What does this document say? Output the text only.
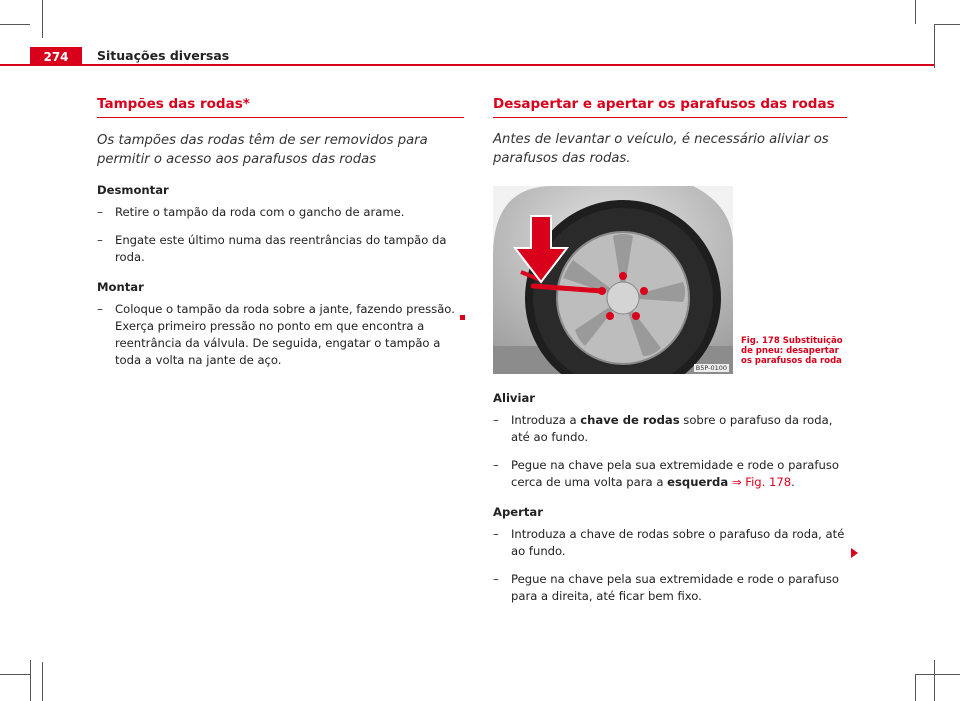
274	Situações diversas
Tampões das rodas*

Os tampões das rodas têm de ser removidos para permitir o acesso aos parafusos das rodas

Desmontar

–	Retire o tampão da roda com o gancho de arame.
–	Engate este último numa das reentrâncias do tampão da roda.

Montar

–	Coloque o tampão da roda sobre a jante, fazendo pressão. Exerça primeiro pressão no ponto em que encontra a reentrância da válvula. De seguida, engatar o tampão a toda a volta na jante de aço.
Desapertar e apertar os parafusos das rodas

Antes de levantar o veículo, é necessário aliviar os parafusos das rodas.

B5P-0100
Fig. 178 Substituição de pneu: desapertar os parafusos da roda

Aliviar

–	Introduza a chave de rodas sobre o parafuso da roda, até ao fundo.
–	Pegue na chave pela sua extremidade e rode o parafuso cerca de uma volta para a esquerda ⇒ Fig. 178.

Apertar

–	Introduza a chave de rodas sobre o parafuso da roda, até ao fundo.
–	Pegue na chave pela sua extremidade e rode o parafuso para a direita, até ficar bem fixo.
